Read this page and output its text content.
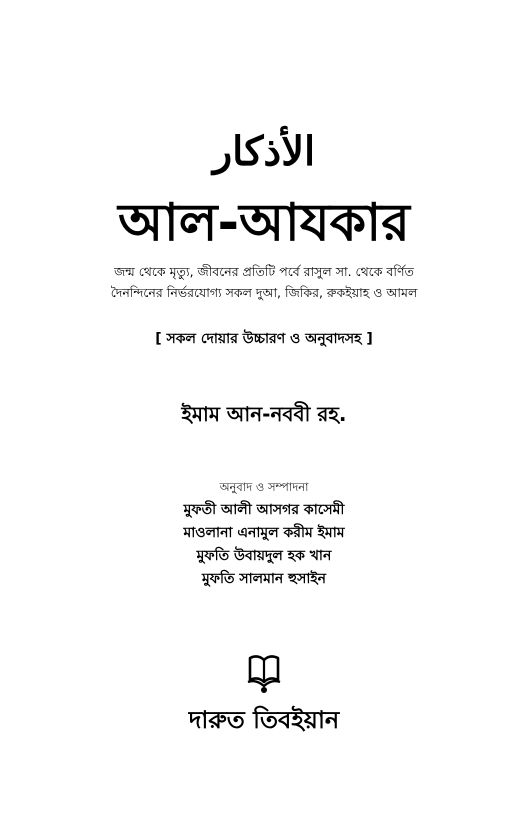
الأذكار
আল-আযকার
জন্ম থেকে মৃত্যু, জীবনের প্রতিটি পর্বে রাসুল সা. থেকে বর্ণিত
দৈনন্দিনের নির্ভরযোগ্য সকল দুআ, জিকির, রুকইয়াহ ও আমল
[ সকল দোয়ার উচ্চারণ ও অনুবাদসহ ]
ইমাম আন-নববী রহ.
অনুবাদ ও সম্পাদনা
মুফতী আলী আসগর কাসেমী
মাওলানা এনামুল করীম ইমাম
মুফতি উবায়দুল হক খান
মুফতি সালমান হুসাইন
দারুত তিবইয়ান
